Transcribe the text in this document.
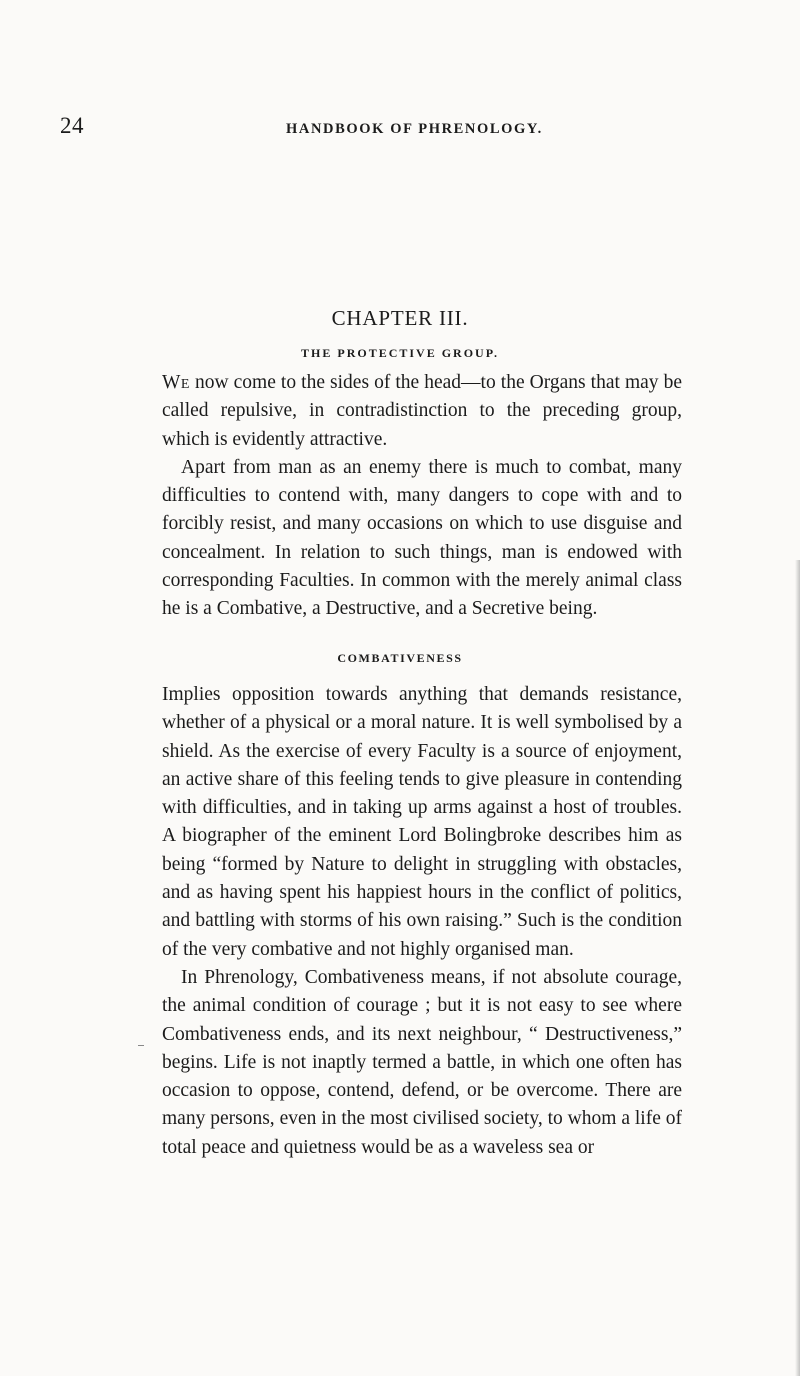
24	HANDBOOK OF PHRENOLOGY.
CHAPTER III.
THE PROTECTIVE GROUP.

We now come to the sides of the head—to the Organs that may be called repulsive, in contradistinction to the preceding group, which is evidently attractive.

Apart from man as an enemy there is much to combat, many difficulties to contend with, many dangers to cope with and to forcibly resist, and many occasions on which to use disguise and concealment. In relation to such things, man is endowed with corresponding Faculties. In common with the merely animal class he is a Combative, a Destructive, and a Secretive being.

COMBATIVENESS

Implies opposition towards anything that demands resistance, whether of a physical or a moral nature. It is well symbolised by a shield. As the exercise of every Faculty is a source of enjoyment, an active share of this feeling tends to give pleasure in contending with difficulties, and in taking up arms against a host of troubles. A biographer of the eminent Lord Bolingbroke describes him as being “formed by Nature to delight in struggling with obstacles, and as having spent his happiest hours in the conflict of politics, and battling with storms of his own raising.” Such is the condition of the very combative and not highly organised man.

In Phrenology, Combativeness means, if not absolute courage, the animal condition of courage ; but it is not easy to see where Combativeness ends, and its next neighbour, “ Destructiveness,” begins. Life is not inaptly termed a battle, in which one often has occasion to oppose, contend, defend, or be overcome. There are many persons, even in the most civilised society, to whom a life of total peace and quietness would be as a waveless sea or
